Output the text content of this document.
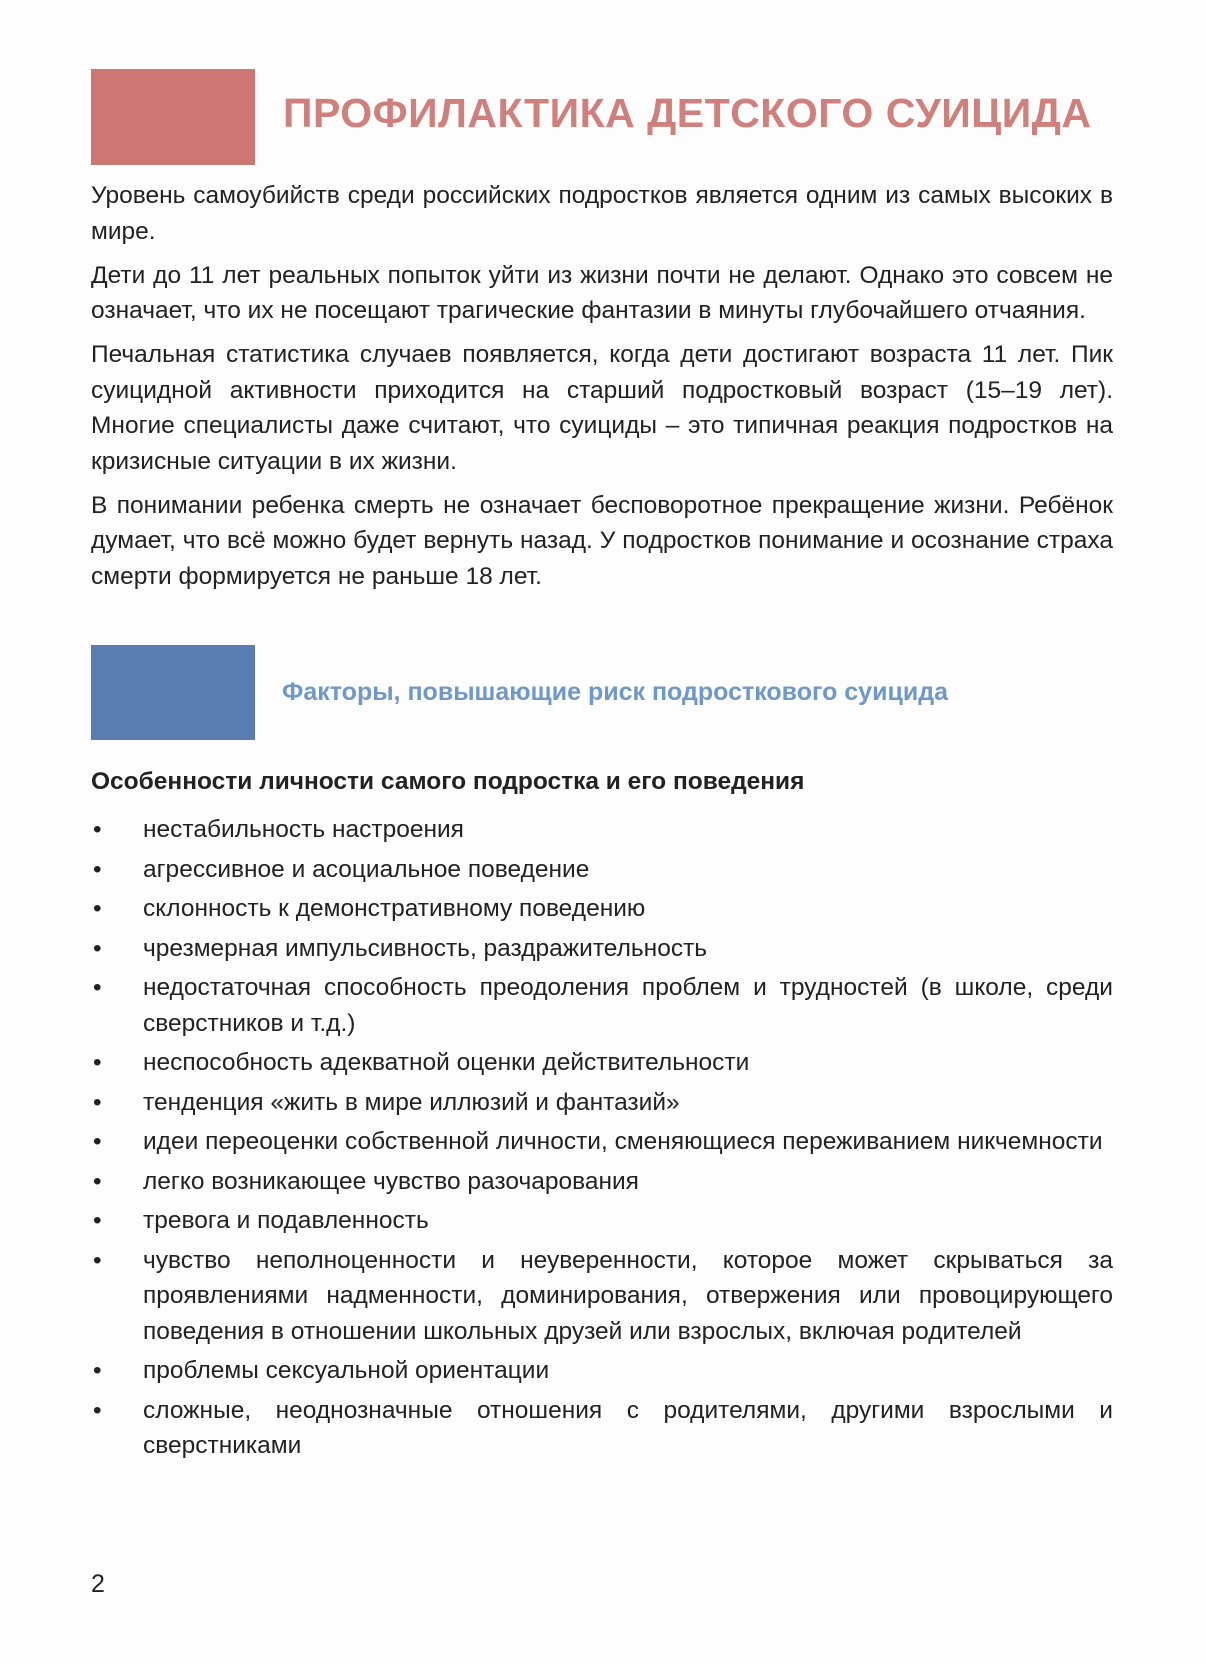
ПРОФИЛАКТИКА ДЕТСКОГО СУИЦИДА

Уровень самоубийств среди российских подростков является одним из самых высоких в мире.

Дети до 11 лет реальных попыток уйти из жизни почти не делают. Однако это совсем не означает, что их не посещают трагические фантазии в минуты глубочайшего отчаяния.

Печальная статистика случаев появляется, когда дети достигают возраста 11 лет. Пик суицидной активности приходится на старший подростковый возраст (15–19 лет). Многие специалисты даже считают, что суициды – это типичная реакция подростков на кризисные ситуации в их жизни.

В понимании ребенка смерть не означает бесповоротное прекращение жизни. Ребёнок думает, что всё можно будет вернуть назад. У подростков понимание и осознание страха смерти формируется не раньше 18 лет.

Факторы, повышающие риск подросткового суицида
Особенности личности самого подростка и его поведения
• нестабильность настроения
• агрессивное и асоциальное поведение
• склонность к демонстративному поведению
• чрезмерная импульсивность, раздражительность
• недостаточная способность преодоления проблем и трудностей (в школе, среди сверстников и т.д.)
• неспособность адекватной оценки действительности
• тенденция «жить в мире иллюзий и фантазий»
• идеи переоценки собственной личности, сменяющиеся переживанием никчемности
• легко возникающее чувство разочарования
• тревога и подавленность
• чувство неполноценности и неуверенности, которое может скрываться за проявлениями надменности, доминирования, отвержения или провоцирующего поведения в отношении школьных друзей или взрослых, включая родителей
• проблемы сексуальной ориентации
• сложные, неоднозначные отношения с родителями, другими взрослыми и сверстниками
2
